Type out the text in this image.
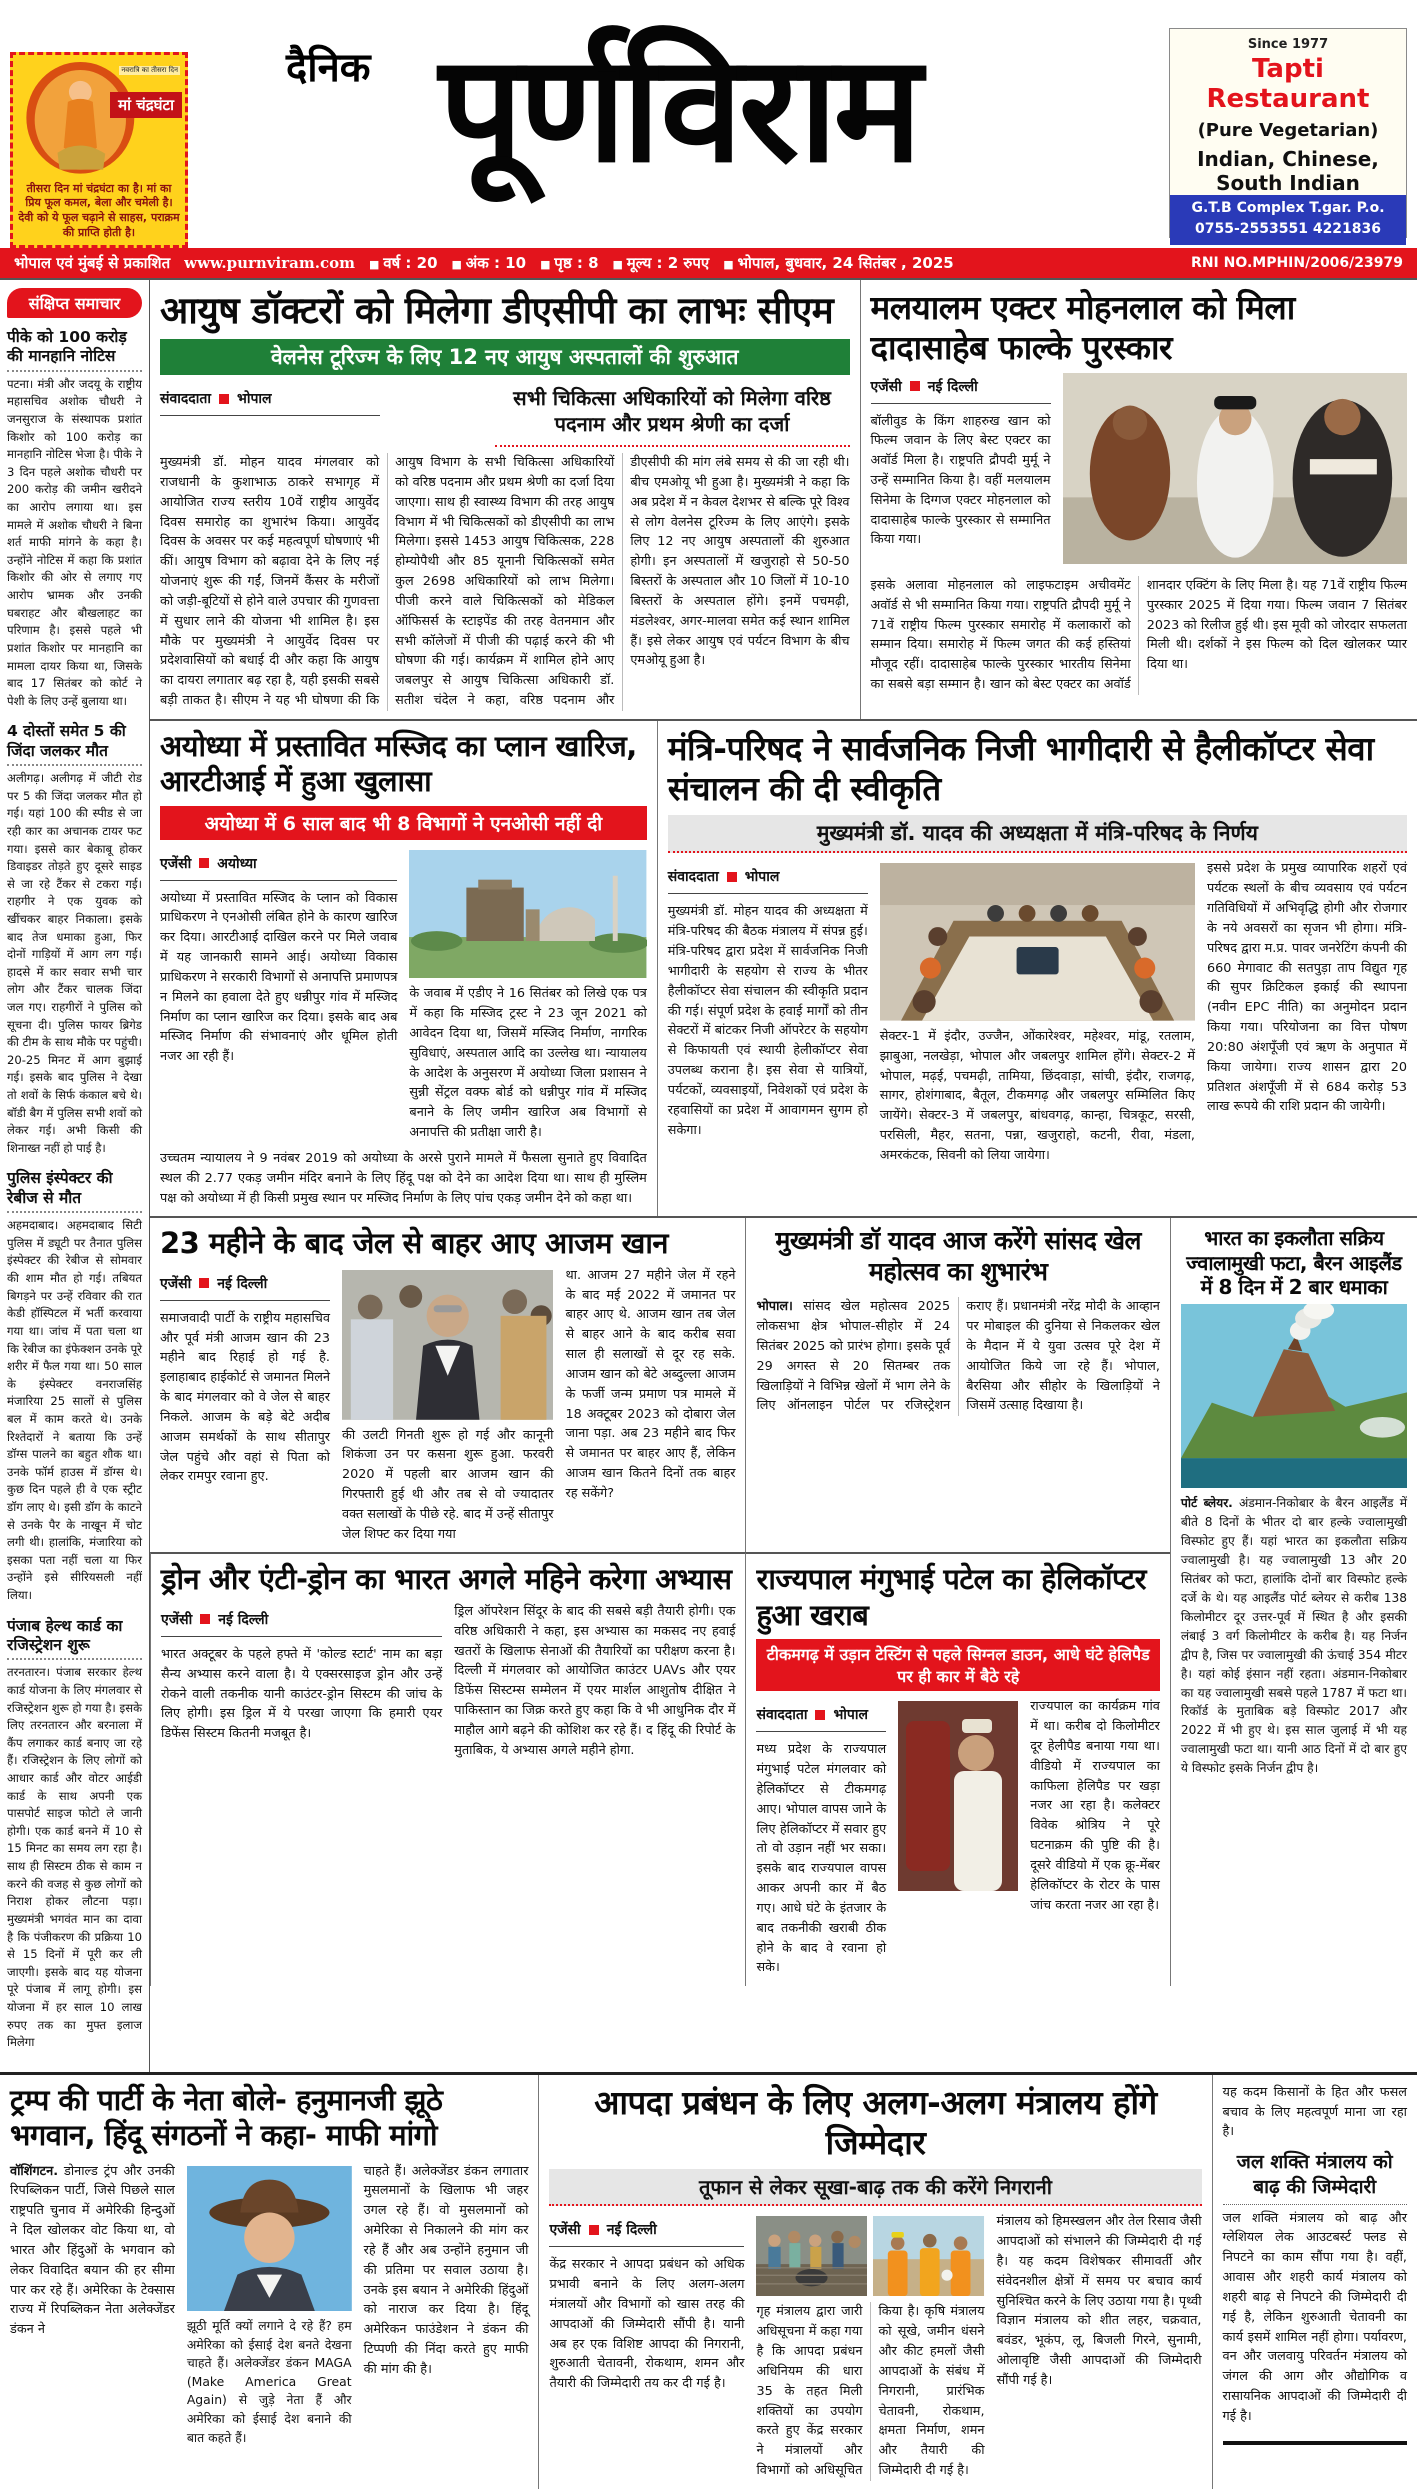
नवरात्रि का तीसरा दिन
मां चंद्रघंटा
तीसरा दिन मां चंद्रघंटा का है। मां का प्रिय फूल कमल, बेला और चमेली है। देवी को ये फूल चढ़ाने से साहस, पराक्रम की प्राप्ति होती है।
दैनिक पूर्णविराम	Since 1977
Tapti Restaurant
(Pure Vegetarian)
Indian, Chinese, South Indian
G.T.B Complex T.gar. P.o.
0755-2553551 4221836
भोपाल एवं मुंबई से प्रकाशित www.purnviram.com	■ वर्ष : 20	■ अंक : 10	■ पृष्ठ : 8	■ मूल्य : 2 रुपए	■ भोपाल, बुधवार, 24 सितंबर , 2025	RNI NO.MPHIN/2006/23979
संक्षिप्त समाचार
पीके को 100 करोड़ की मानहानि नोटिस

पटना। मंत्री और जदयू के राष्ट्रीय महासचिव अशोक चौधरी ने जनसुराज के संस्थापक प्रशांत किशोर को 100 करोड़ का मानहानि नोटिस भेजा है। पीके ने 3 दिन पहले अशोक चौधरी पर 200 करोड़ की जमीन खरीदने का आरोप लगाया था। इस मामले में अशोक चौधरी ने बिना शर्त माफी मांगने के कहा है। उन्होंने नोटिस में कहा कि प्रशांत किशोर की ओर से लगाए गए आरोप भ्रामक और उनकी घबराहट और बौखलाहट का परिणाम है। इससे पहले भी प्रशांत किशोर पर मानहानि का मामला दायर किया था, जिसके बाद 17 सितंबर को कोर्ट ने पेशी के लिए उन्हें बुलाया था।

4 दोस्तों समेत 5 की जिंदा जलकर मौत

अलीगढ़। अलीगढ़ में जीटी रोड पर 5 की जिंदा जलकर मौत हो गई। यहां 100 की स्पीड से जा रही कार का अचानक टायर फट गया। इससे कार बेकाबू होकर डिवाइडर तोड़ते हुए दूसरे साइड से जा रहे टैंकर से टकरा गई। राहगीर ने एक युवक को खींचकर बाहर निकाला। इसके बाद तेज धमाका हुआ, फिर दोनों गाड़ियों में आग लग गई। हादसे में कार सवार सभी चार लोग और टैंकर चालक जिंदा जल गए। राहगीरों ने पुलिस को सूचना दी। पुलिस फायर ब्रिगेड की टीम के साथ मौके पर पहुंची। 20-25 मिनट में आग बुझाई गई। इसके बाद पुलिस ने देखा तो शवों के सिर्फ कंकाल बचे थे। बॉडी बैग में पुलिस सभी शवों को लेकर गई। अभी किसी की शिनाख्त नहीं हो पाई है।

पुलिस इंस्पेक्टर की रेबीज से मौत

अहमदाबाद। अहमदाबाद सिटी पुलिस में ड्यूटी पर तैनात पुलिस इंस्पेक्टर की रेबीज से सोमवार की शाम मौत हो गई। तबियत बिगड़ने पर उन्हें रविवार की रात केडी हॉस्पिटल में भर्ती करवाया गया था। जांच में पता चला था कि रेबीज का इंफेक्शन उनके पूरे शरीर में फैल गया था। 50 साल के इंस्पेक्टर वनराजसिंह मंजारिया 25 सालों से पुलिस बल में काम करते थे। उनके रिश्तेदारों ने बताया कि उन्हें डॉग्स पालने का बहुत शौक था। उनके फॉर्म हाउस में डॉग्स थे। कुछ दिन पहले ही वे एक स्ट्रीट डॉग लाए थे। इसी डॉग के काटने से उनके पैर के नाखून में चोट लगी थी। हालांकि, मंजारिया को इसका पता नहीं चला या फिर उन्होंने इसे सीरियसली नहीं लिया।

पंजाब हेल्थ कार्ड का रजिस्ट्रेशन शुरू

तरनतारन। पंजाब सरकार हेल्थ कार्ड योजना के लिए मंगलवार से रजिस्ट्रेशन शुरू हो गया है। इसके लिए तरनतारन और बरनाला में कैंप लगाकर कार्ड बनाए जा रहे हैं। रजिस्ट्रेशन के लिए लोगों को आधार कार्ड और वोटर आईडी कार्ड के साथ अपनी एक पासपोर्ट साइज फोटो ले जानी होगी। एक कार्ड बनने में 10 से 15 मिनट का समय लग रहा है। साथ ही सिस्टम ठीक से काम न करने की वजह से कुछ लोगों को निराश होकर लौटना पड़ा। मुख्यमंत्री भगवंत मान का दावा है कि पंजीकरण की प्रक्रिया 10 से 15 दिनों में पूरी कर ली जाएगी। इसके बाद यह योजना पूरे पंजाब में लागू होगी। इस योजना में हर साल 10 लाख रुपए तक का मुफ्त इलाज मिलेगा

आयुष डॉक्टरों को मिलेगा डीएसीपी का लाभः सीएम
वेलनेस टूरिज्म के लिए 12 नए आयुष अस्पतालों की शुरुआत
संवाददाता भोपाल	सभी चिकित्सा अधिकारियों को मिलेगा वरिष्ठ पदनाम और प्रथम श्रेणी का दर्जा
मुख्यमंत्री डॉ. मोहन यादव मंगलवार को राजधानी के कुशाभाऊ ठाकरे सभागृह में आयोजित राज्य स्तरीय 10वें राष्ट्रीय आयुर्वेद दिवस समारोह का शुभारंभ किया। आयुर्वेद दिवस के अवसर पर कई महत्वपूर्ण घोषणाएं भी कीं। आयुष विभाग को बढ़ावा देने के लिए नई योजनाएं शुरू की गईं, जिनमें कैंसर के मरीजों को जड़ी-बूटियों से होने वाले उपचार की गुणवत्ता में सुधार लाने की योजना भी शामिल है। इस मौके पर मुख्यमंत्री ने आयुर्वेद दिवस पर प्रदेशवासियों को बधाई दी और कहा कि आयुष का दायरा लगातार बढ़ रहा है, यही इसकी सबसे बड़ी ताकत है। सीएम ने यह भी घोषणा की कि आयुष विभाग के सभी चिकित्सा अधिकारियों को वरिष्ठ पदनाम और प्रथम श्रेणी का दर्जा दिया जाएगा। साथ ही स्वास्थ्य विभाग की तरह आयुष विभाग में भी चिकित्सकों को डीएसीपी का लाभ मिलेगा। इससे 1453 आयुष चिकित्सक, 228 होम्योपैथी और 85 यूनानी चिकित्सकों समेत कुल 2698 अधिकारियों को लाभ मिलेगा। पीजी करने वाले चिकित्सकों को मेडिकल ऑफिसर्स के स्टाइपेंड की तरह वेतनमान और सभी कॉलेजों में पीजी की पढ़ाई करने की भी घोषणा की गई। कार्यक्रम में शामिल होने आए जबलपुर से आयुष चिकित्सा अधिकारी डॉ. सतीश चंदेल ने कहा, वरिष्ठ पदनाम और डीएसीपी की मांग लंबे समय से की जा रही थी। बीच एमओयू भी हुआ है। मुख्यमंत्री ने कहा कि अब प्रदेश में न केवल देशभर से बल्कि पूरे विश्व से लोग वेलनेस टूरिज्म के लिए आएंगे। इसके लिए 12 नए आयुष अस्पतालों की शुरुआत होगी। इन अस्पतालों में खजुराहो से 50-50 बिस्तरों के अस्पताल और 10 जिलों में 10-10 बिस्तरों के अस्पताल होंगे। इनमें पचमढ़ी, मंडलेश्वर, अगर-मालवा समेत कई स्थान शामिल हैं। इसे लेकर आयुष एवं पर्यटन विभाग के बीच एमओयू हुआ है।
मलयालम एक्टर मोहनलाल को मिला दादासाहेब फाल्के पुरस्कार
एजेंसी नई दिल्ली
बॉलीवुड के किंग शाहरुख खान को फिल्म जवान के लिए बेस्ट एक्टर का अवॉर्ड मिला है। राष्ट्रपति द्रौपदी मुर्मू ने उन्हें सम्मानित किया है। वहीं मलयालम सिनेमा के दिग्गज एक्टर मोहनलाल को दादासाहेब फाल्के पुरस्कार से सम्मानित किया गया।
इसके अलावा मोहनलाल को लाइफटाइम अचीवमेंट अवॉर्ड से भी सम्मानित किया गया। राष्ट्रपति द्रौपदी मुर्मू ने 71वें राष्ट्रीय फिल्म पुरस्कार समारोह में कलाकारों को सम्मान दिया। समारोह में फिल्म जगत की कई हस्तियां मौजूद रहीं। दादासाहेब फाल्के पुरस्कार भारतीय सिनेमा का सबसे बड़ा सम्मान है। खान को बेस्ट एक्टर का अवॉर्ड शानदार एक्टिंग के लिए मिला है। यह 71वें राष्ट्रीय फिल्म पुरस्कार 2025 में दिया गया। फिल्म जवान 7 सितंबर 2023 को रिलीज हुई थी। इस मूवी को जोरदार सफलता मिली थी। दर्शकों ने इस फिल्म को दिल खोलकर प्यार दिया था।
अयोध्या में प्रस्तावित मस्जिद का प्लान खारिज, आरटीआई में हुआ खुलासा
अयोध्या में 6 साल बाद भी 8 विभागों ने एनओसी नहीं दी
एजेंसी अयोध्या
अयोध्या में प्रस्तावित मस्जिद के प्लान को विकास प्राधिकरण ने एनओसी लंबित होने के कारण खारिज कर दिया। आरटीआई दाखिल करने पर मिले जवाब में यह जानकारी सामने आई। अयोध्या विकास प्राधिकरण ने सरकारी विभागों से अनापत्ति प्रमाणपत्र न मिलने का हवाला देते हुए धन्नीपुर गांव में मस्जिद निर्माण का प्लान खारिज कर दिया। इसके बाद अब मस्जिद निर्माण की संभावनाएं और धूमिल होती नजर आ रही हैं।
के जवाब में एडीए ने 16 सितंबर को लिखे एक पत्र में कहा कि मस्जिद ट्रस्ट ने 23 जून 2021 को आवेदन दिया था, जिसमें मस्जिद निर्माण, नागरिक सुविधाएं, अस्पताल आदि का उल्लेख था। न्यायालय के आदेश के अनुसरण में अयोध्या जिला प्रशासन ने सुन्नी सेंट्रल वक्फ बोर्ड को धन्नीपुर गांव में मस्जिद बनाने के लिए जमीन खारिज अब विभागों से अनापत्ति की प्रतीक्षा जारी है।
उच्चतम न्यायालय ने 9 नवंबर 2019 को अयोध्या के अरसे पुराने मामले में फैसला सुनाते हुए विवादित स्थल की 2.77 एकड़ जमीन मंदिर बनाने के लिए हिंदू पक्ष को देने का आदेश दिया था। साथ ही मुस्लिम पक्ष को अयोध्या में ही किसी प्रमुख स्थान पर मस्जिद निर्माण के लिए पांच एकड़ जमीन देने को कहा था।
मंत्रि-परिषद ने सार्वजनिक निजी भागीदारी से हैलीकॉप्टर सेवा संचालन की दी स्वीकृति
मुख्यमंत्री डॉ. यादव की अध्यक्षता में मंत्रि-परिषद के निर्णय
संवाददाता भोपाल
मुख्यमंत्री डॉ. मोहन यादव की अध्यक्षता में मंत्रि-परिषद की बैठक मंत्रालय में संपन्न हुई। मंत्रि-परिषद द्वारा प्रदेश में सार्वजनिक निजी भागीदारी के सहयोग से राज्य के भीतर हैलीकॉप्टर सेवा संचालन की स्वीकृति प्रदान की गई। संपूर्ण प्रदेश के हवाई मार्गों को तीन सेक्टरों में बांटकर निजी ऑपरेटर के सहयोग से किफायती एवं स्थायी हेलीकॉप्टर सेवा उपलब्ध कराना है। इस सेवा से यात्रियों, पर्यटकों, व्यवसाइयों, निवेशकों एवं प्रदेश के रहवासियों का प्रदेश में आवागमन सुगम हो सकेगा।
सेक्टर-1 में इंदौर, उज्जैन, ओंकारेश्वर, महेश्वर, मांडू, रतलाम, झाबुआ, नलखेड़ा, भोपाल और जबलपुर शामिल होंगे। सेक्टर-2 में भोपाल, मढ़ई, पचमढ़ी, तामिया, छिंदवाड़ा, सांची, इंदौर, राजगढ़, सागर, होशंगाबाद, बैतूल, टीकमगढ़ और जबलपुर सम्मिलित किए जायेंगे। सेक्टर-3 में जबलपुर, बांधवगढ़, कान्हा, चित्रकूट, सरसी, परसिली, मैहर, सतना, पन्ना, खजुराहो, कटनी, रीवा, मंडला, अमरकंटक, सिवनी को लिया जायेगा।
इससे प्रदेश के प्रमुख व्यापारिक शहरों एवं पर्यटक स्थलों के बीच व्यवसाय एवं पर्यटन गतिविधियों में अभिवृद्धि होगी और रोजगार के नये अवसरों का सृजन भी होगा। मंत्रि-परिषद द्वारा म.प्र. पावर जनरेटिंग कंपनी की 660 मेगावाट की सतपुड़ा ताप विद्युत गृह की सुपर क्रिटिकल इकाई की स्थापना (नवीन EPC नीति) का अनुमोदन प्रदान किया गया। परियोजना का वित्त पोषण 20:80 अंशपूँजी एवं ऋण के अनुपात में किया जायेगा। राज्य शासन द्वारा 20 प्रतिशत अंशपूँजी में से 684 करोड़ 53 लाख रूपये की राशि प्रदान की जायेगी।
23 महीने के बाद जेल से बाहर आए आजम खान
एजेंसी नई दिल्ली
समाजवादी पार्टी के राष्ट्रीय महासचिव और पूर्व मंत्री आजम खान की 23 महीने बाद रिहाई हो गई है. इलाहाबाद हाईकोर्ट से जमानत मिलने के बाद मंगलवार को वे जेल से बाहर निकले. आजम के बड़े बेटे अदीब आजम समर्थकों के साथ सीतापुर जेल पहुंचे और वहां से पिता को लेकर रामपुर रवाना हुए.
की उलटी गिनती शुरू हो गई और कानूनी शिकंजा उन पर कसना शुरू हुआ. फरवरी 2020 में पहली बार आजम खान की गिरफ्तारी हुई थी और तब से वो ज्यादातर वक्त सलाखों के पीछे रहे. बाद में उन्हें सीतापुर जेल शिफ्ट कर दिया गया
था. आजम 27 महीने जेल में रहने के बाद मई 2022 में जमानत पर बाहर आए थे. आजम खान तब जेल से बाहर आने के बाद करीब सवा साल ही सलाखों से दूर रह सके. आजम खान को बेटे अब्दुल्ला आजम के फर्जी जन्म प्रमाण पत्र मामले में 18 अक्टूबर 2023 को दोबारा जेल जाना पड़ा. अब 23 महीने बाद फिर से जमानत पर बाहर आए हैं, लेकिन आजम खान कितने दिनों तक बाहर रह सकेंगे?
मुख्यमंत्री डॉ यादव आज करेंगे सांसद खेल महोत्सव का शुभारंभ
भोपाल। सांसद खेल महोत्सव 2025 लोकसभा क्षेत्र भोपाल-सीहोर में 24 सितंबर 2025 को प्रारंभ होगा। इसके पूर्व 29 अगस्त से 20 सितम्बर तक खिलाड़ियों ने विभिन्न खेलों में भाग लेने के लिए ऑनलाइन पोर्टल पर रजिस्ट्रेशन कराए हैं। प्रधानमंत्री नरेंद्र मोदी के आव्हान पर मोबाइल की दुनिया से निकलकर खेल के मैदान में ये युवा उत्सव पूरे देश में आयोजित किये जा रहे हैं। भोपाल, बैरसिया और सीहोर के खिलाड़ियों ने जिसमें उत्साह दिखाया है।
भारत का इकलौता सक्रिय ज्वालामुखी फटा, बैरन आइलैंड में 8 दिन में 2 बार धमाका
पोर्ट ब्लेयर. अंडमान-निकोबार के बैरन आइलैंड में बीते 8 दिनों के भीतर दो बार हल्के ज्वालामुखी विस्फोट हुए हैं। यहां भारत का इकलौता सक्रिय ज्वालामुखी है। यह ज्वालामुखी 13 और 20 सितंबर को फटा, हालांकि दोनों बार विस्फोट हल्के दर्जे के थे। यह आइलैंड पोर्ट ब्लेयर से करीब 138 किलोमीटर दूर उत्तर-पूर्व में स्थित है और इसकी लंबाई 3 वर्ग किलोमीटर के करीब है। यह निर्जन द्वीप है, जिस पर ज्वालामुखी की ऊंचाई 354 मीटर है। यहां कोई इंसान नहीं रहता। अंडमान-निकोबार का यह ज्वालामुखी सबसे पहले 1787 में फटा था। रिकॉर्ड के मुताबिक बड़े विस्फोट 2017 और 2022 में भी हुए थे। इस साल जुलाई में भी यह ज्वालामुखी फटा था। यानी आठ दिनों में दो बार हुए ये विस्फोट इसके निर्जन द्वीप है।
ड्रोन और एंटी-ड्रोन का भारत अगले महिने करेगा अभ्यास
एजेंसी नई दिल्ली
भारत अक्टूबर के पहले हफ्ते में 'कोल्ड स्टार्ट' नाम का बड़ा सैन्य अभ्यास करने वाला है। ये एक्सरसाइज ड्रोन और उन्हें रोकने वाली तकनीक यानी काउंटर-ड्रोन सिस्टम की जांच के लिए होगी। इस ड्रिल में ये परखा जाएगा कि हमारी एयर डिफेंस सिस्टम कितनी मजबूत है।
ड्रिल ऑपरेशन सिंदूर के बाद की सबसे बड़ी तैयारी होगी। एक वरिष्ठ अधिकारी ने कहा, इस अभ्यास का मकसद नए हवाई खतरों के खिलाफ सेनाओं की तैयारियों का परीक्षण करना है। दिल्ली में मंगलवार को आयोजित काउंटर UAVs और एयर डिफेंस सिस्टम्स सम्मेलन में एयर मार्शल आशुतोष दीक्षित ने पाकिस्तान का जिक्र करते हुए कहा कि वे भी आधुनिक दौर में माहौल आगे बढ़ने की कोशिश कर रहे हैं। द हिंदू की रिपोर्ट के मुताबिक, ये अभ्यास अगले महीने होगा.
राज्यपाल मंगुभाई पटेल का हेलिकॉप्टर हुआ खराब
टीकमगढ़ में उड़ान टेस्टिंग से पहले सिग्नल डाउन, आधे घंटे हेलिपैड पर ही कार में बैठे रहे
संवाददाता भोपाल
मध्य प्रदेश के राज्यपाल मंगुभाई पटेल मंगलवार को हेलिकॉप्टर से टीकमगढ़ आए। भोपाल वापस जाने के लिए हेलिकॉप्टर में सवार हुए तो वो उड़ान नहीं भर सका। इसके बाद राज्यपाल वापस आकर अपनी कार में बैठ गए। आधे घंटे के इंतजार के बाद तकनीकी खराबी ठीक होने के बाद वे रवाना हो सके।
राज्यपाल का कार्यक्रम गांव में था। करीब दो किलोमीटर दूर हेलीपैड बनाया गया था। वीडियो में राज्यपाल का काफिला हेलिपैड पर खड़ा नजर आ रहा है। कलेक्टर विवेक श्रोत्रिय ने पूरे घटनाक्रम की पुष्टि की है। दूसरे वीडियो में एक क्रू-मेंबर हेलिकॉप्टर के रोटर के पास जांच करता नजर आ रहा है।
ट्रम्प की पार्टी के नेता बोले- हनुमानजी झूठे भगवान, हिंदू संगठनों ने कहा- माफी मांगो
वॉशिंगटन. डोनाल्ड ट्रंप और उनकी रिपब्लिकन पार्टी, जिसे पिछले साल राष्ट्रपति चुनाव में अमेरिकी हिन्दुओं ने दिल खोलकर वोट किया था, वो भारत और हिंदुओं के भगवान को लेकर विवादित बयान की हर सीमा पार कर रहे हैं। अमेरिका के टेक्सास राज्य में रिपब्लिकन नेता अलेक्जेंडर डंकन ने	झूठी मूर्ति क्यों लगाने दे रहे हैं? हम अमेरिका को ईसाई देश बनते देखना चाहते हैं। अलेक्जेंडर डंकन MAGA (Make America Great Again) से जुड़े नेता हैं और अमेरिका को ईसाई देश बनाने की बात कहते हैं।
चाहते हैं। अलेक्जेंडर डंकन लगातार मुसलमानों के खिलाफ भी जहर उगल रहे हैं। वो मुसलमानों को अमेरिका से निकालने की मांग कर रहे हैं और अब उन्होंने हनुमान जी की प्रतिमा पर सवाल उठाया है। उनके इस बयान ने अमेरिकी हिंदुओं को नाराज कर दिया है। हिंदू अमेरिकन फाउंडेशन ने डंकन की टिप्पणी की निंदा करते हुए माफी की मांग की है।
आपदा प्रबंधन के लिए अलग-अलग मंत्रालय होंगे जिम्मेदार
तूफान से लेकर सूखा-बाढ़ तक की करेंगे निगरानी
एजेंसी नई दिल्ली
केंद्र सरकार ने आपदा प्रबंधन को अधिक प्रभावी बनाने के लिए अलग-अलग मंत्रालयों और विभागों को खास तरह की आपदाओं की जिम्मेदारी सौंपी है। यानी अब हर एक विशिष्ट आपदा की निगरानी, शुरुआती चेतावनी, रोकथाम, शमन और तैयारी की जिम्मेदारी तय कर दी गई है।
गृह मंत्रालय द्वारा जारी अधिसूचना में कहा गया है कि आपदा प्रबंधन अधिनियम की धारा 35 के तहत मिली शक्तियों का उपयोग करते हुए केंद्र सरकार ने मंत्रालयों और विभागों को अधिसूचित किया है। कृषि मंत्रालय को सूखे, जमीन धंसने और कीट हमलों जैसी आपदाओं के संबंध में निगरानी, प्रारंभिक चेतावनी, रोकथाम, क्षमता निर्माण, शमन और तैयारी की जिम्मेदारी दी गई है।
मंत्रालय को हिमस्खलन और तेल रिसाव जैसी आपदाओं को संभालने की जिम्मेदारी दी गई है। यह कदम विशेषकर सीमावर्ती और संवेदनशील क्षेत्रों में समय पर बचाव कार्य सुनिश्चित करने के लिए उठाया गया है। पृथ्वी विज्ञान मंत्रालय को शीत लहर, चक्रवात, बवंडर, भूकंप, लू, बिजली गिरने, सुनामी, ओलावृष्टि जैसी आपदाओं की जिम्मेदारी सौंपी गई है।
यह कदम किसानों के हित और फसल बचाव के लिए महत्वपूर्ण माना जा रहा है।
जल शक्ति मंत्रालय को बाढ़ की जिम्मेदारी
जल शक्ति मंत्रालय को बाढ़ और ग्लेशियल लेक आउटबर्स्ट फ्लड से निपटने का काम सौंपा गया है। वहीं, आवास और शहरी कार्य मंत्रालय को शहरी बाढ़ से निपटने की जिम्मेदारी दी गई है, लेकिन शुरुआती चेतावनी का कार्य इसमें शामिल नहीं होगा। पर्यावरण, वन और जलवायु परिवर्तन मंत्रालय को जंगल की आग और औद्योगिक व रासायनिक आपदाओं की जिम्मेदारी दी गई है।
